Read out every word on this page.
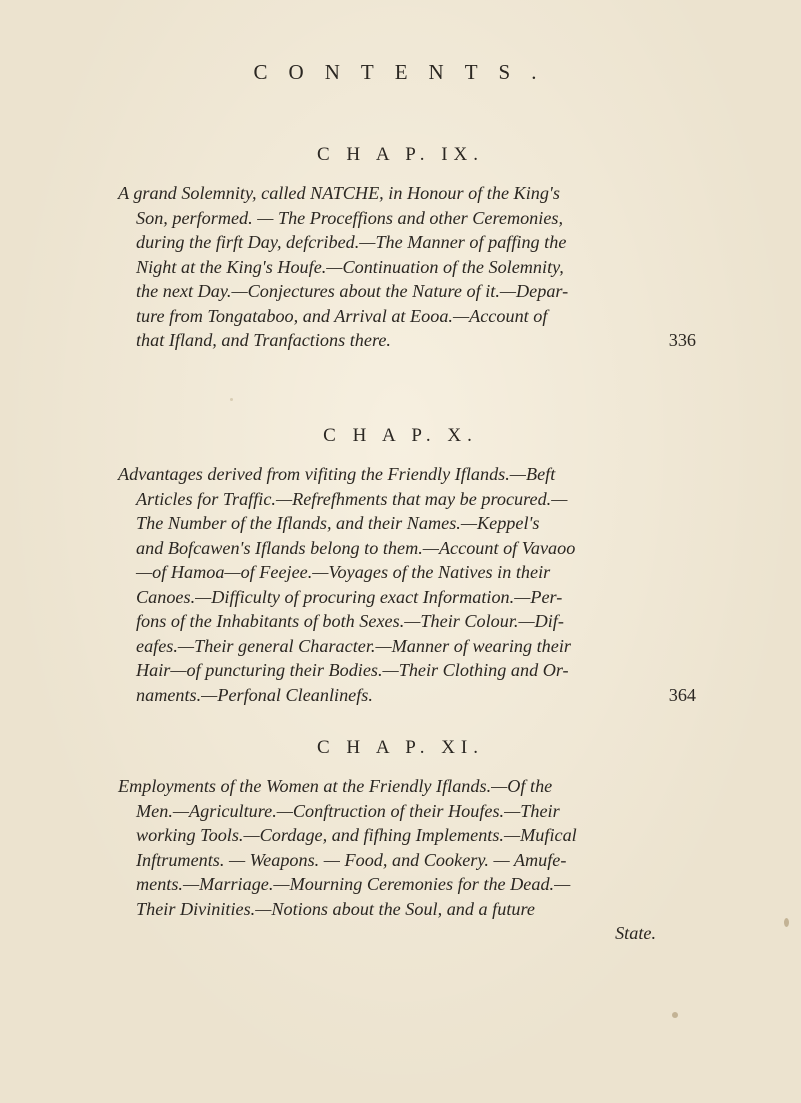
CONTENTS.
C H A P. IX.
A grand Solemnity, called NATCHE, in Honour of the King's
Son, performed. — The Proceffions and other Ceremonies,
during the firft Day, defcribed.—The Manner of paffing the
Night at the King's Houfe.—Continuation of the Solemnity,
the next Day.—Conjectures about the Nature of it.—Depar-
ture from Tongataboo, and Arrival at Eooa.—Account of
that Ifland, and Tranfactions there.	336
C H A P. X.
Advantages derived from vifiting the Friendly Iflands.—Beft
Articles for Traffic.—Refrefhments that may be procured.—
The Number of the Iflands, and their Names.—Keppel's
and Bofcawen's Iflands belong to them.—Account of Vavaoo
—of Hamoa—of Feejee.—Voyages of the Natives in their
Canoes.—Difficulty of procuring exact Information.—Per-
fons of the Inhabitants of both Sexes.—Their Colour.—Dif-
eafes.—Their general Character.—Manner of wearing their
Hair—of puncturing their Bodies.—Their Clothing and Or-
naments.—Perfonal Cleanlinefs.	364
C H A P. XI.
Employments of the Women at the Friendly Iflands.—Of the
Men.—Agriculture.—Conftruction of their Houfes.—Their
working Tools.—Cordage, and fifhing Implements.—Mufical
Inftruments. — Weapons. — Food, and Cookery. — Amufe-
ments.—Marriage.—Mourning Ceremonies for the Dead.—
Their Divinities.—Notions about the Soul, and a future
State.
